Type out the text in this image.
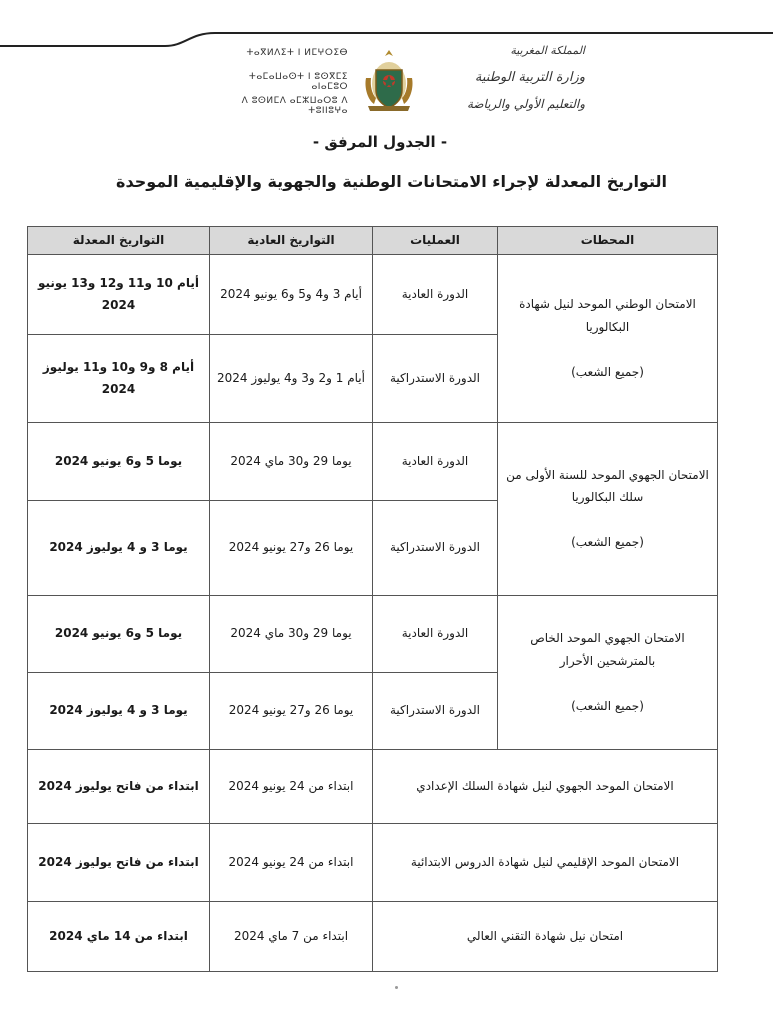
ⵜⴰⴳⵍⴷⵉⵜ ⵏ ⵍⵎⵖⵔⵉⴱ
ⵜⴰⵎⴰⵡⴰⵙⵜ ⵏ ⵓⵙⴳⵎⵉ ⴰⵏⴰⵎⵓⵔ
ⴷ ⵓⵙⵍⵎⴷ ⴰⵎⵣⵡⴰⵔⵓ ⴷ ⵜⵓⵏⵏⵓⵖⴰ
المملكة المغربية
وزارة التربية الوطنية
والتعليم الأولي والرياضة
- الجدول المرفق -
التواريخ المعدلة لإجراء الامتحانات الوطنية والجهوية والإقليمية الموحدة
المحطات	العمليات	التواريخ العادية	التواريخ المعدلة
الامتحان الوطني الموحد لنيل شهادة البكالوريا
(جميع الشعب)	الدورة العادية	أيام 3 و4 و5 و6 يونيو 2024	أيام 10 و11 و12 و13 يونيو 2024
	الدورة الاستدراكية	أيام 1 و2 و3 و4 يوليوز 2024	أيام 8 و9 و10 و11 يوليوز 2024
الامتحان الجهوي الموحد للسنة الأولى من سلك البكالوريا
(جميع الشعب)	الدورة العادية	يوما 29 و30 ماي 2024	يوما 5 و6 يونيو 2024
	الدورة الاستدراكية	يوما 26 و27 يونيو 2024	يوما 3 و 4 يوليوز 2024
الامتحان الجهوي الموحد الخاص بالمترشحين الأحرار
(جميع الشعب)	الدورة العادية	يوما 29 و30 ماي 2024	يوما 5 و6 يونيو 2024
	الدورة الاستدراكية	يوما 26 و27 يونيو 2024	يوما 3 و 4 يوليوز 2024
الامتحان الموحد الجهوي لنيل شهادة السلك الإعدادي		ابتداء من 24 يونيو 2024	ابتداء من فاتح يوليوز 2024
الامتحان الموحد الإقليمي لنيل شهادة الدروس الابتدائية		ابتداء من 24 يونيو 2024	ابتداء من فاتح يوليوز 2024
امتحان نيل شهادة التقني العالي		ابتداء من 7 ماي 2024	ابتداء من 14 ماي 2024
